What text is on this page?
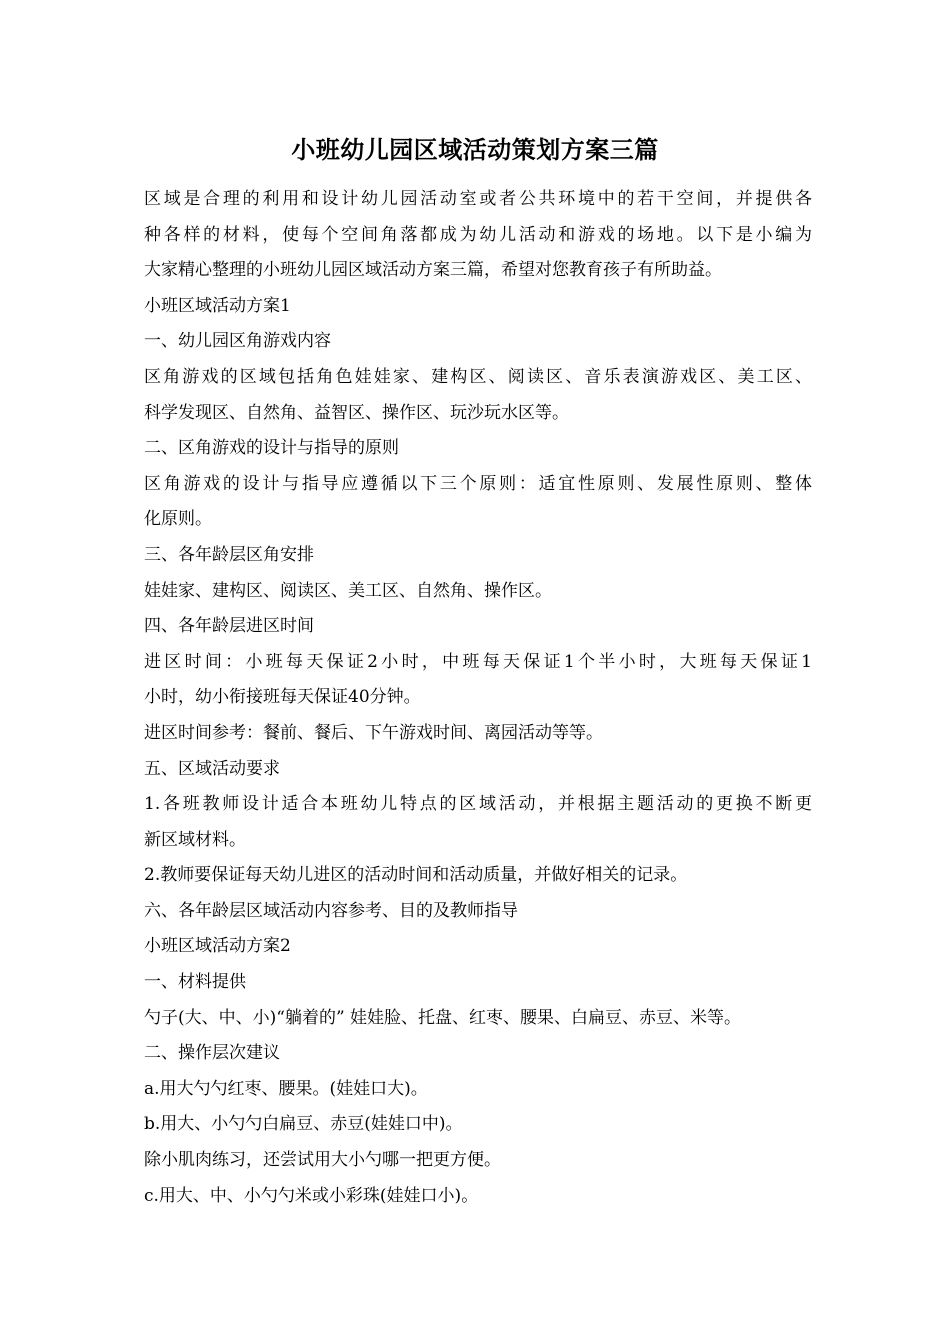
小班幼儿园区域活动策划方案三篇
区域是合理的利用和设计幼儿园活动室或者公共环境中的若干空间，并提供各
种各样的材料，使每个空间角落都成为幼儿活动和游戏的场地。以下是小编为
大家精心整理的小班幼儿园区域活动方案三篇，希望对您教育孩子有所助益。
小班区域活动方案1
一、幼儿园区角游戏内容
区角游戏的区域包括角色娃娃家、建构区、阅读区、音乐表演游戏区、美工区、
科学发现区、自然角、益智区、操作区、玩沙玩水区等。
二、区角游戏的设计与指导的原则
区角游戏的设计与指导应遵循以下三个原则：适宜性原则、发展性原则、整体
化原则。
三、各年龄层区角安排
娃娃家、建构区、阅读区、美工区、自然角、操作区。
四、各年龄层进区时间
进区时间：小班每天保证2小时，中班每天保证1个半小时，大班每天保证1
小时，幼小衔接班每天保证40分钟。
进区时间参考：餐前、餐后、下午游戏时间、离园活动等等。
五、区域活动要求
1.各班教师设计适合本班幼儿特点的区域活动，并根据主题活动的更换不断更
新区域材料。
2.教师要保证每天幼儿进区的活动时间和活动质量，并做好相关的记录。
六、各年龄层区域活动内容参考、目的及教师指导
小班区域活动方案2
一、材料提供
勺子(大、中、小)“躺着的” 娃娃脸、托盘、红枣、腰果、白扁豆、赤豆、米等。
二、操作层次建议
a.用大勺勺红枣、腰果。(娃娃口大)。
b.用大、小勺勺白扁豆、赤豆(娃娃口中)。
除小肌肉练习，还尝试用大小勺哪一把更方便。
c.用大、中、小勺勺米或小彩珠(娃娃口小)。
